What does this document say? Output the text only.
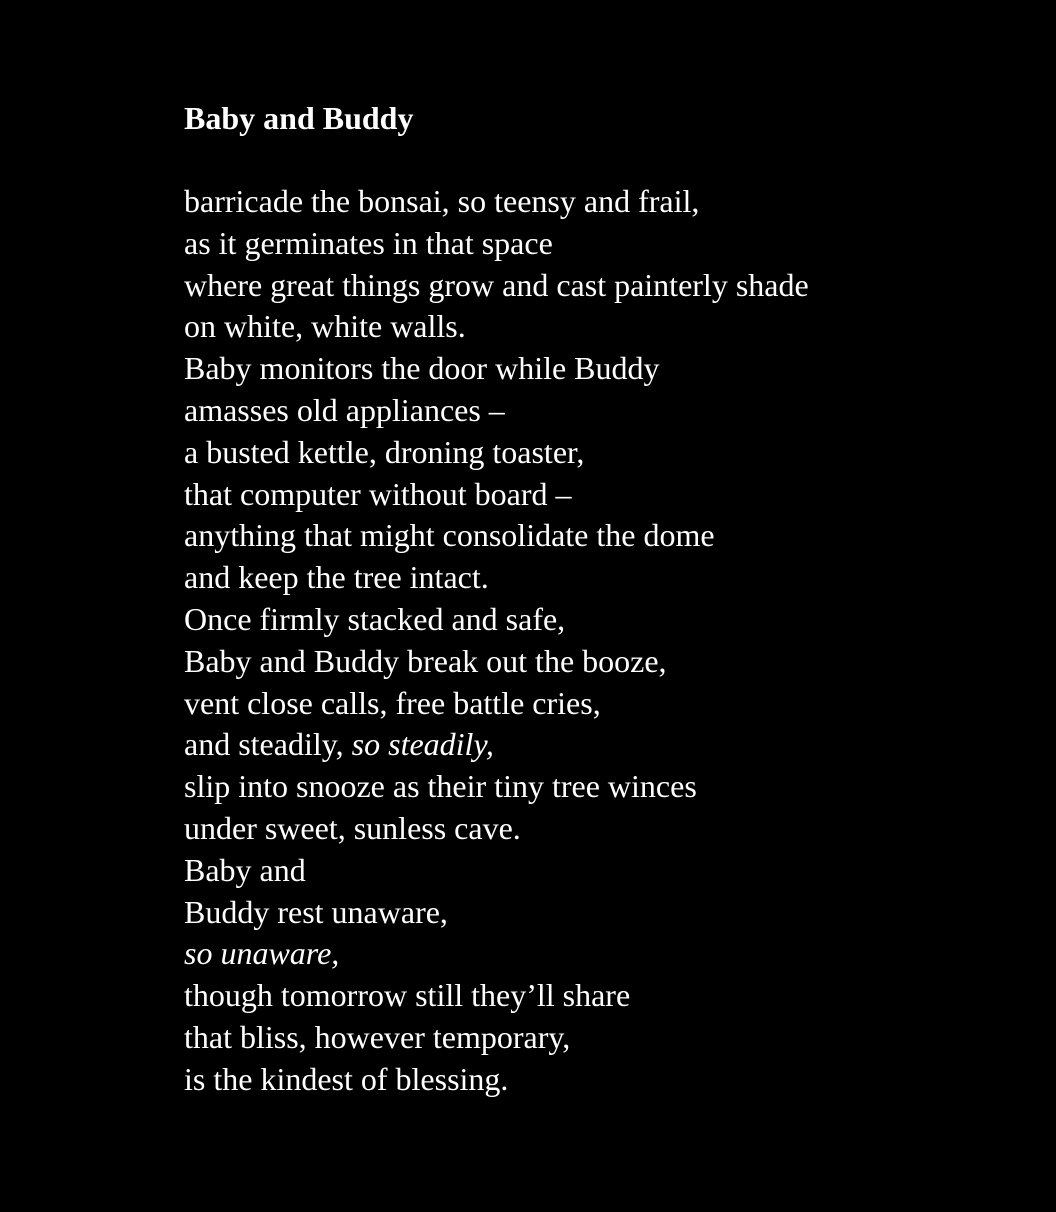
Baby and Buddy
barricade the bonsai, so teensy and frail,
as it germinates in that space
where great things grow and cast painterly shade
on white, white walls.
Baby monitors the door while Buddy
amasses old appliances –
a busted kettle, droning toaster,
that computer without board –
anything that might consolidate the dome
and keep the tree intact.
Once firmly stacked and safe,
Baby and Buddy break out the booze,
vent close calls, free battle cries,
and steadily, so steadily,
slip into snooze as their tiny tree winces
under sweet, sunless cave.
Baby and
Buddy rest unaware,
so unaware,
though tomorrow still they’ll share
that bliss, however temporary,
is the kindest of blessing.
